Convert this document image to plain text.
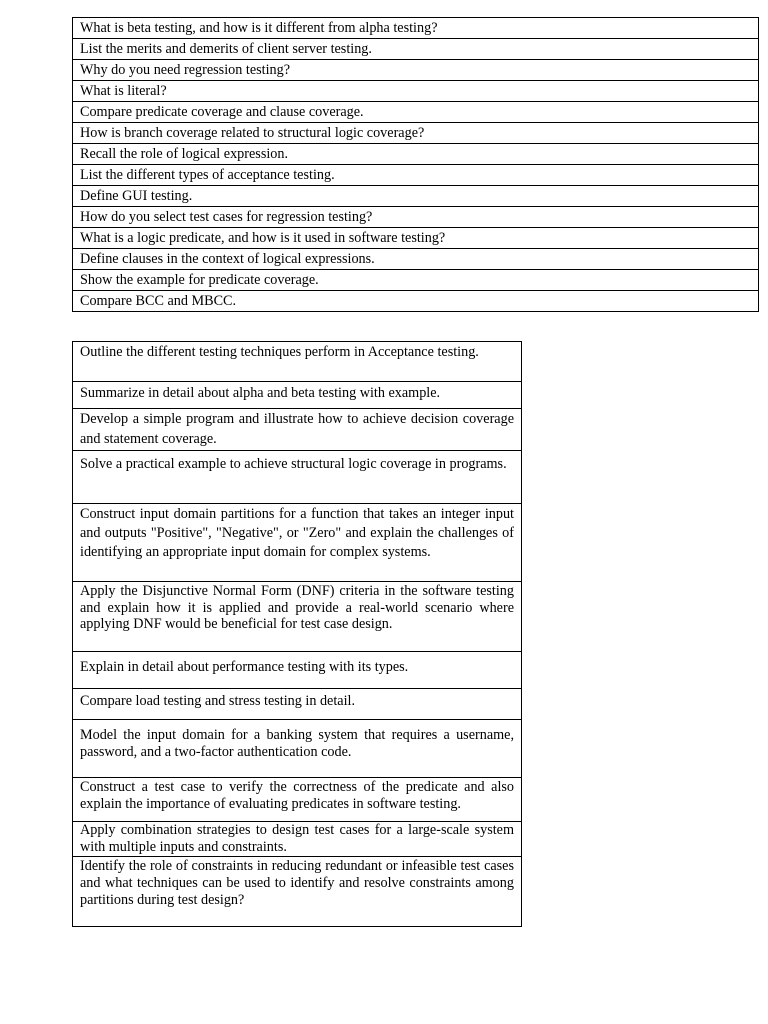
What is beta testing, and how is it different from alpha testing?
List the merits and demerits of client server testing.
Why do you need regression testing?
What is literal?
Compare predicate coverage and clause coverage.
How is branch coverage related to structural logic coverage?
Recall the role of logical expression.
List the different types of acceptance testing.
Define GUI testing.
How do you select test cases for regression testing?
What is a logic predicate, and how is it used in software testing?
Define clauses in the context of logical expressions.
Show the example for predicate coverage.
Compare BCC and MBCC.
Outline the different testing techniques perform in Acceptance testing.

Summarize in detail about alpha and beta testing with example.

Develop a simple program and illustrate how to achieve decision coverage and statement coverage.

Solve a practical example to achieve structural logic coverage in programs.

Construct input domain partitions for a function that takes an integer input and outputs "Positive", "Negative", or "Zero" and explain the challenges of identifying an appropriate input domain for complex systems.

Apply the Disjunctive Normal Form (DNF) criteria in the software testing and explain how it is applied and provide a real-world scenario where applying DNF would be beneficial for test case design.

Explain in detail about performance testing with its types.

Compare load testing and stress testing in detail.

Model the input domain for a banking system that requires a username, password, and a two-factor authentication code.

Construct a test case to verify the correctness of the predicate and also explain the importance of evaluating predicates in software testing.

Apply combination strategies to design test cases for a large-scale system with multiple inputs and constraints.

Identify the role of constraints in reducing redundant or infeasible test cases and what techniques can be used to identify and resolve constraints among partitions during test design?
